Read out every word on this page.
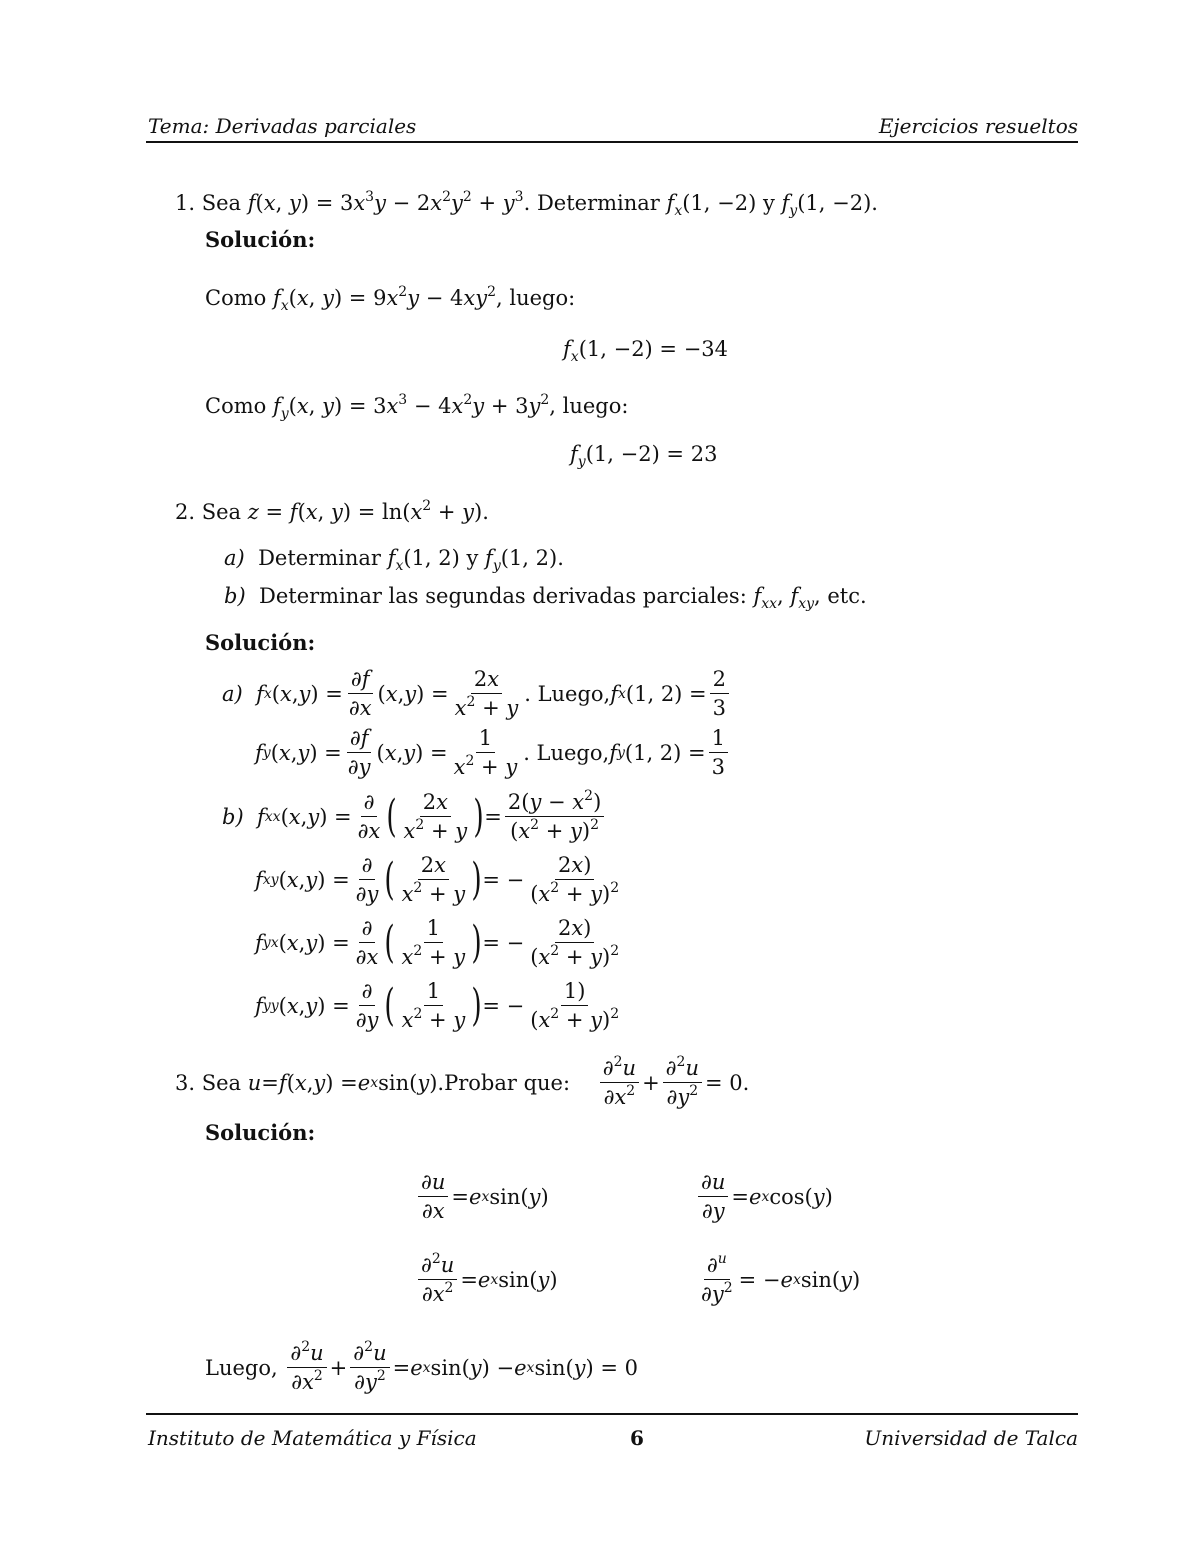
Tema: Derivadas parciales	Ejercicios resueltos
1. Sea f(x, $y) = 3x^3y - 2x^2y^2 + y^3$. Determinar $f_x(1$, −2) y $f_y(1$, −2).
Solución:
Como $f_x(x$, $y) = 9x^2y - 4xy^2$, luego:
$f_x(1$, −2) = −34
Como $f_y(x$, $y) = 3x^3 - 4x^2y + 3y^2$, luego:
$f_y(1$, −2) = 23
2. Sea z = f(x, $y) = \ln(x^2 + y)$.
a) Determinar $f_x(1$, 2) y $f_y(1$, 2).
b) Determinar las segundas derivadas parciales: $f_{xx}$, $f_{xy}$, etc.
Solución:
a)
f x ( x , y ) =
∂f
∂x
( x , y ) =
2x
$x^2 + y$
. Luego, f x (1, 2) =
2
3
f y ( x , y ) =
∂f
∂y
( x , y ) =
1
$x^2 + y$
. Luego, f y (1, 2) =
1
3
b)
f xx ( x , y ) =
∂
∂x ( 2x
$x^2 + y$ ) =
$2(y - x^2)$
$(x^2 + y)^2$
f xy ( x , y ) =
∂
∂y ( 2x
$x^2 + y$ ) = −
2x)
$(x^2 + y)^2$
f yx ( x , y ) =
∂
∂x ( 1
$x^2 + y$ ) = −
2x)
$(x^2 + y)^2$
f yy ( x , y ) =
∂
∂y ( 1
$x^2 + y$ ) = −
1)
$(x^2 + y)^2$
3.
Sea
u = f ( x , y ) = e x sin( y ). Probar que:

∂$^2$u
$\partial x^2$ +
∂$^2$u
$\partial y^2 = 0$.
Solución:
∂u
∂x
= e x sin( y )
∂u
∂y
= e x cos( y )
∂$^2$u
$\partial x^2 = e$ x sin( y )
∂$^u$
$\partial y^2$ = − e x sin( y )
Luego,

∂$^2$u
$\partial x^2$ +
∂$^2$u
$\partial y^2 = e$ x sin( y ) − e x sin( y ) = 0
Instituto de Matemática y Física	6	Universidad de Talca
